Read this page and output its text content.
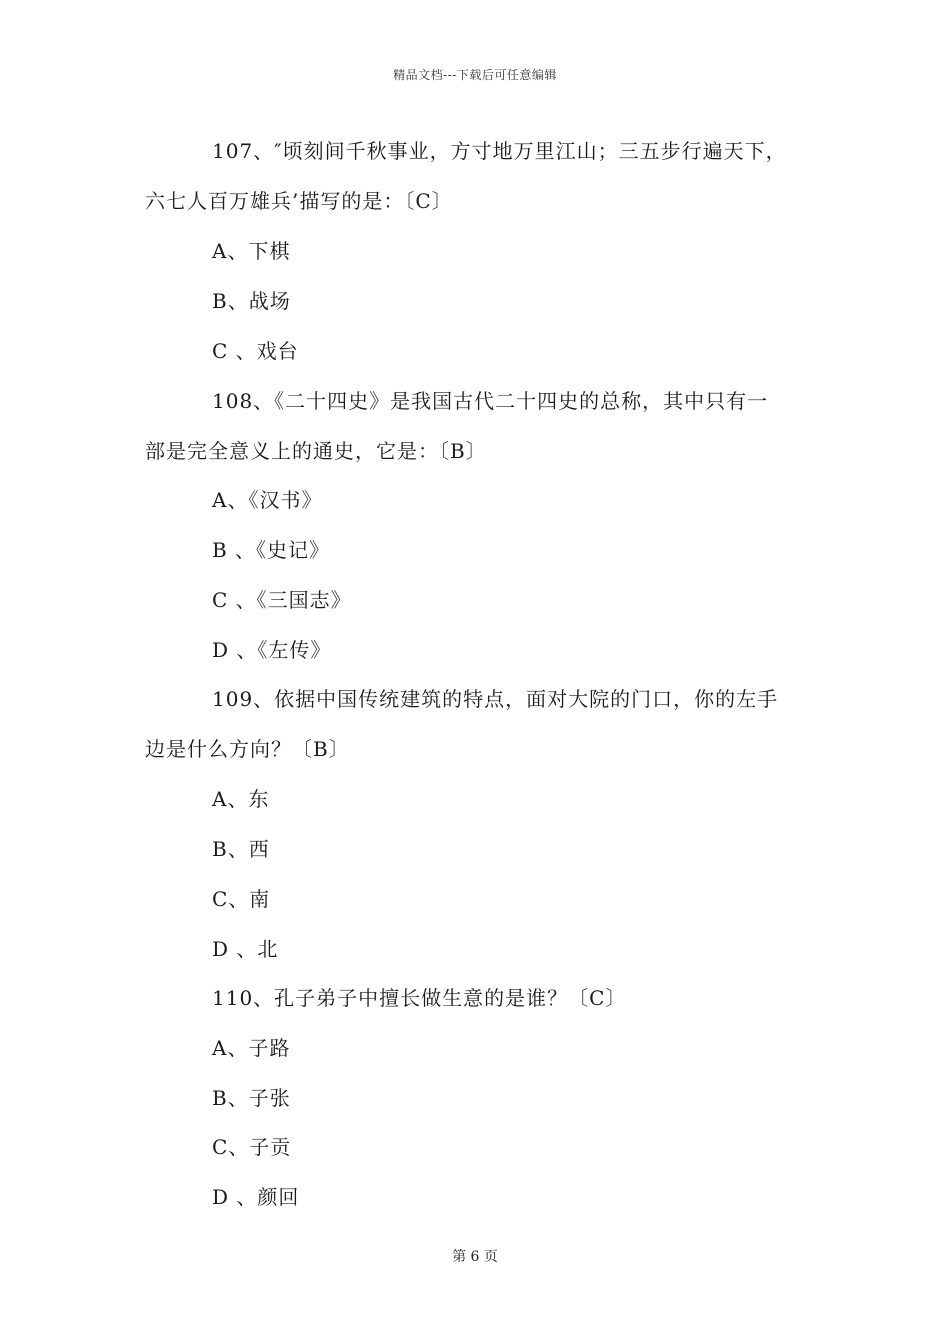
精品文档---下载后可任意编辑
107、″顷刻间千秋事业，方寸地万里江山；三五步行遍天下，
六七人百万雄兵’描写的是：〔C〕
A、下棋
B、战场
C 、戏台
108、《二十四史》是我国古代二十四史的总称，其中只有一
部是完全意义上的通史，它是：〔B〕
A、《汉书》
B 、《史记》
C 、《三国志》
D 、《左传》
109、依据中国传统建筑的特点，面对大院的门口，你的左手
边是什么方向？〔B〕
A、东
B、西
C、南
D 、北
110、孔子弟子中擅长做生意的是谁？〔C〕
A、子路
B、子张
C、子贡
D 、颜回
第 6 页
